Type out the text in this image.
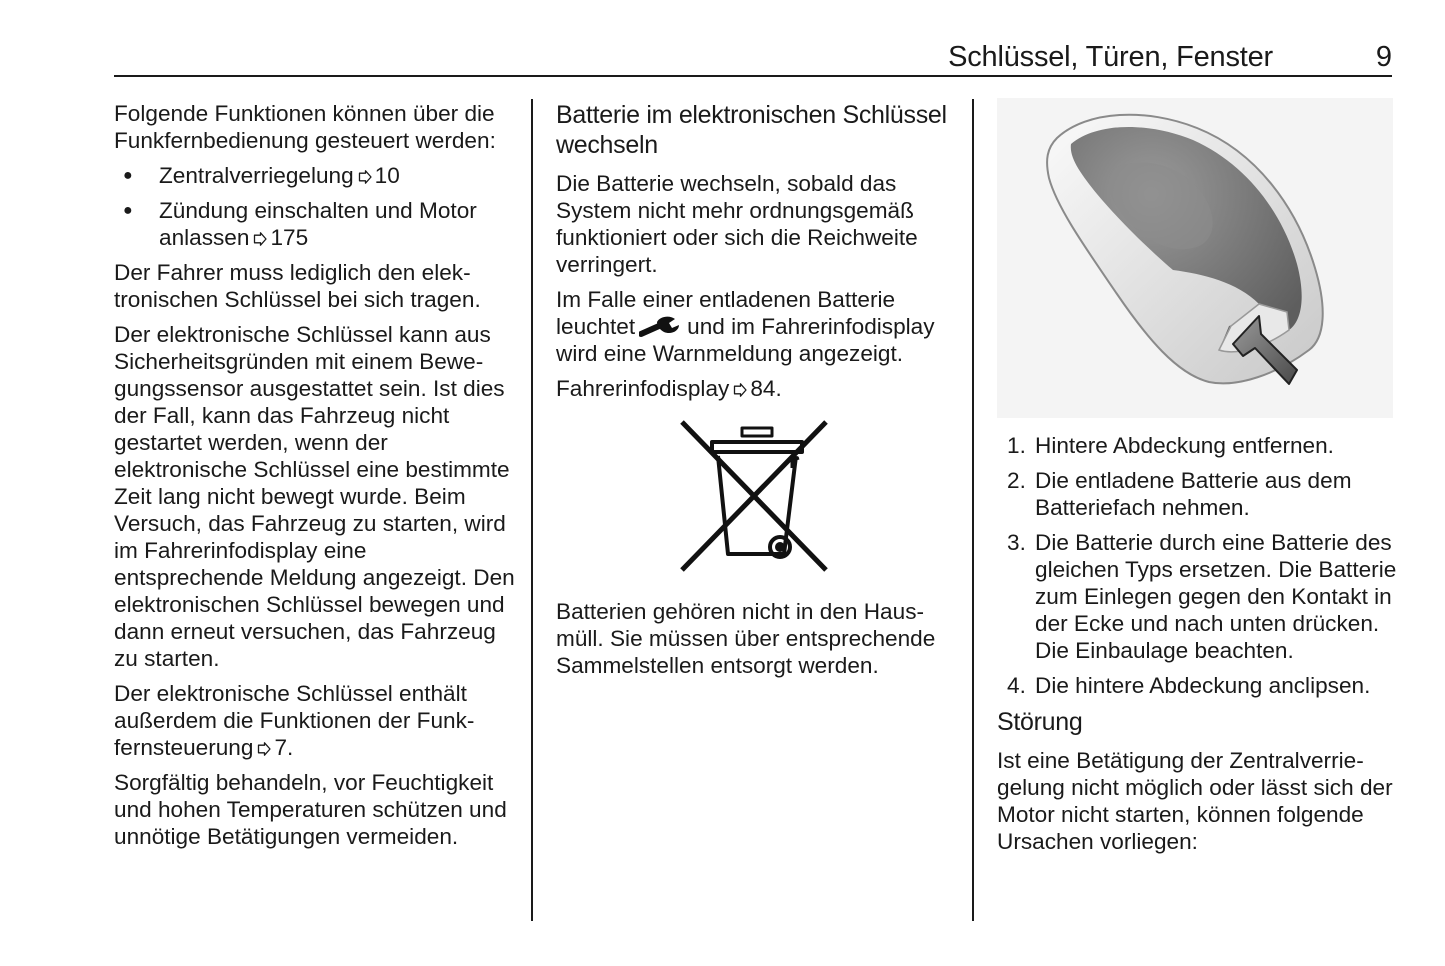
Schlüssel, Türen, Fenster	9

Folgende Funktionen können über die Funkfernbedienung gesteuert werden:

● Zentralverriegelung 10
● Zündung einschalten und Motor anlassen 175

Der Fahrer muss lediglich den elektronischen Schlüssel bei sich tragen.

Der elektronische Schlüssel kann aus Sicherheitsgründen mit einem Bewegungssensor ausgestattet sein. Ist dies der Fall, kann das Fahrzeug nicht gestartet werden, wenn der elektronische Schlüssel eine bestimmte Zeit lang nicht bewegt wurde. Beim Versuch, das Fahrzeug zu starten, wird im Fahrerinfodisplay eine entsprechende Meldung angezeigt. Den elektronischen Schlüssel bewegen und dann erneut versuchen, das Fahrzeug zu starten.

Der elektronische Schlüssel enthält außerdem die Funktionen der Funkfernsteuerung 7.

Sorgfältig behandeln, vor Feuchtigkeit und hohen Temperaturen schützen und unnötige Betätigungen vermeiden.

Batterie im elektronischen Schlüssel wechseln

Die Batterie wechseln, sobald das System nicht mehr ordnungsgemäß funktioniert oder sich die Reichweite verringert.

Im Falle einer entladenen Batterie leuchtet und im Fahrerinfodisplay wird eine Warnmeldung angezeigt.

Fahrerinfodisplay 84.

Batterien gehören nicht in den Hausmüll. Sie müssen über entsprechende Sammelstellen entsorgt werden.

1. Hintere Abdeckung entfernen.
2. Die entladene Batterie aus dem Batteriefach nehmen.
3. Die Batterie durch eine Batterie des gleichen Typs ersetzen. Die Batterie zum Einlegen gegen den Kontakt in der Ecke und nach unten drücken. Die Einbaulage beachten.
4. Die hintere Abdeckung anclipsen.
Störung

Ist eine Betätigung der Zentralverriegelung nicht möglich oder lässt sich der Motor nicht starten, können folgende Ursachen vorliegen:
